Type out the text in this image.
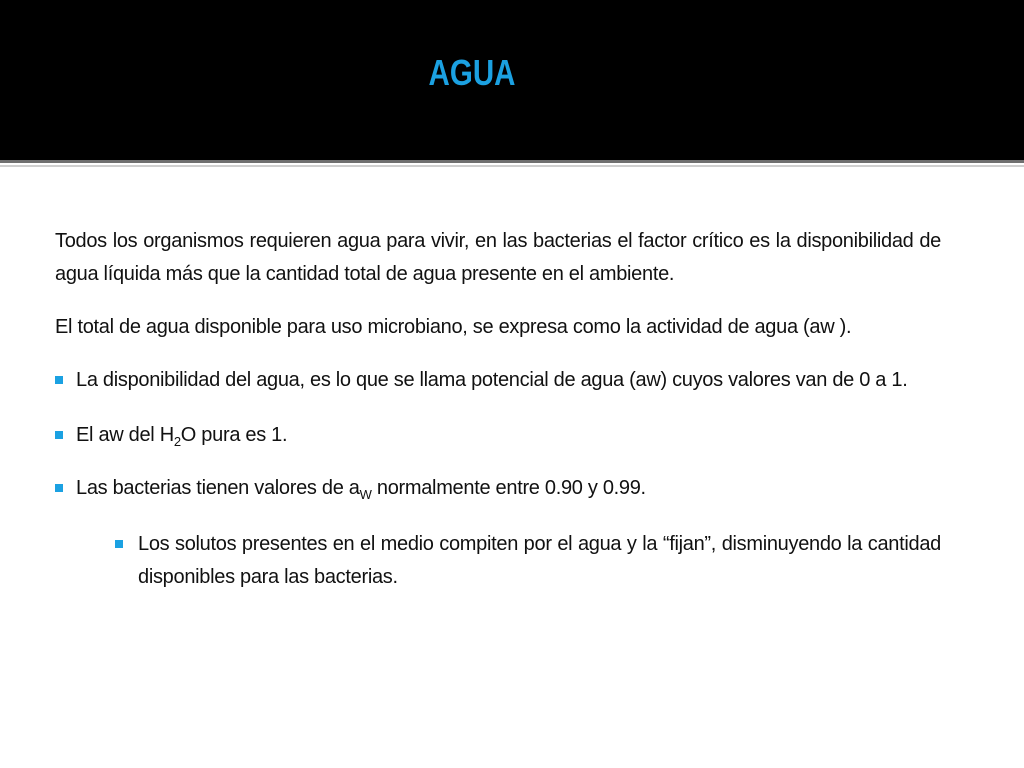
AGUA

Todos los organismos requieren agua para vivir, en las bacterias el factor crítico es la disponibilidad de agua líquida más que la cantidad total de agua presente en el ambiente.

El total de agua disponible para uso microbiano, se expresa como la actividad de agua (aw ).

La disponibilidad del agua, es lo que se llama potencial de agua (aw) cuyos valores van de 0 a 1.
El aw del $H_2O$ pura es 1.
Las bacterias tienen valores de $a_W$ normalmente entre 0.90 y 0.99.
Los solutos presentes en el medio compiten por el agua y la “fijan”, disminuyendo la cantidad disponibles para las bacterias.
